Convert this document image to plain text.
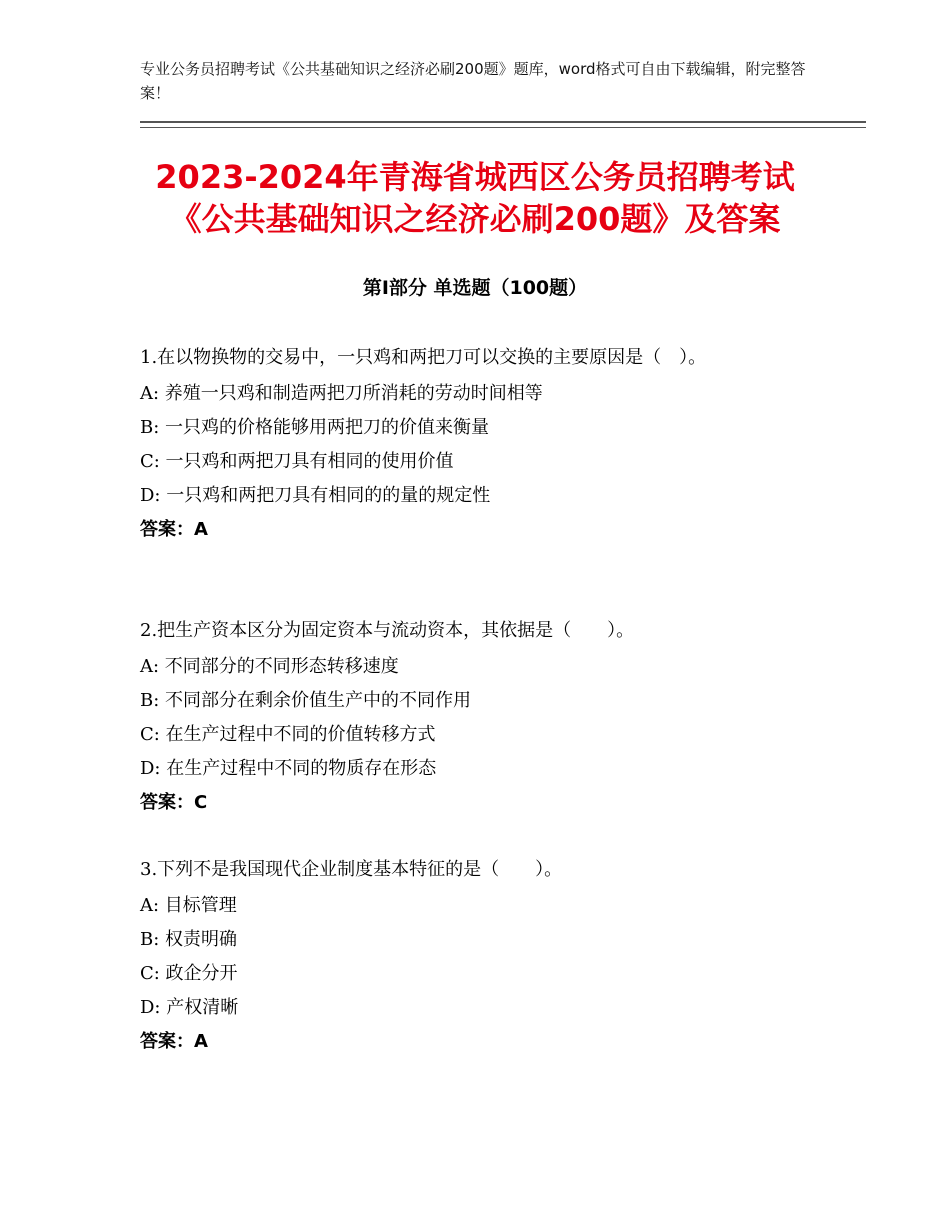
专业公务员招聘考试《公共基础知识之经济必刷200题》题库，word格式可自由下载编辑，附完整答案！
2023-2024年青海省城西区公务员招聘考试
《公共基础知识之经济必刷200题》及答案
第Ⅰ部分 单选题（100题）

1.在以物换物的交易中，一只鸡和两把刀可以交换的主要原因是（　）。

A: 养殖一只鸡和制造两把刀所消耗的劳动时间相等

B: 一只鸡的价格能够用两把刀的价值来衡量

C: 一只鸡和两把刀具有相同的使用价值

D: 一只鸡和两把刀具有相同的的量的规定性

答案：A

2.把生产资本区分为固定资本与流动资本，其依据是（　　）。

A: 不同部分的不同形态转移速度

B: 不同部分在剩余价值生产中的不同作用

C: 在生产过程中不同的价值转移方式

D: 在生产过程中不同的物质存在形态

答案：C

3.下列不是我国现代企业制度基本特征的是（　　）。

A: 目标管理

B: 权责明确

C: 政企分开

D: 产权清晰

答案：A
